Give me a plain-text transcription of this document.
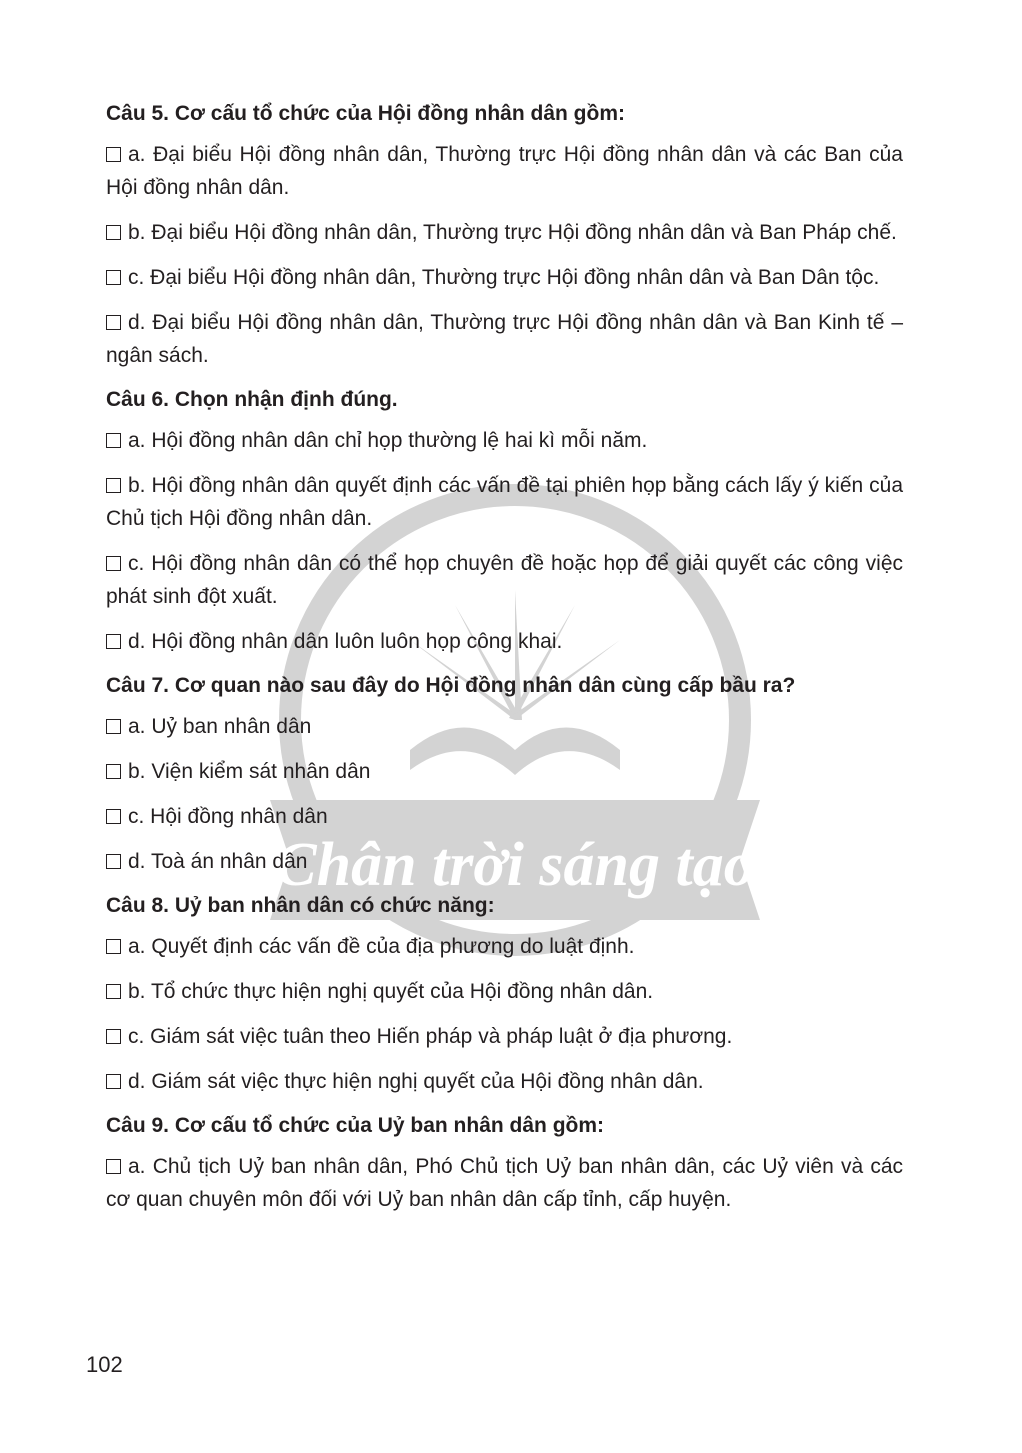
Chân trời sáng tạo

Câu 5. Cơ cấu tổ chức của Hội đồng nhân dân gồm:

a. Đại biểu Hội đồng nhân dân, Thường trực Hội đồng nhân dân và các Ban của Hội đồng nhân dân.

b. Đại biểu Hội đồng nhân dân, Thường trực Hội đồng nhân dân và Ban Pháp chế.

c. Đại biểu Hội đồng nhân dân, Thường trực Hội đồng nhân dân và Ban Dân tộc.

d. Đại biểu Hội đồng nhân dân, Thường trực Hội đồng nhân dân và Ban Kinh tế – ngân sách.

Câu 6. Chọn nhận định đúng.

a. Hội đồng nhân dân chỉ họp thường lệ hai kì mỗi năm.

b. Hội đồng nhân dân quyết định các vấn đề tại phiên họp bằng cách lấy ý kiến của Chủ tịch Hội đồng nhân dân.

c. Hội đồng nhân dân có thể họp chuyên đề hoặc họp để giải quyết các công việc phát sinh đột xuất.

d. Hội đồng nhân dân luôn luôn họp công khai.

Câu 7. Cơ quan nào sau đây do Hội đồng nhân dân cùng cấp bầu ra?

a. Uỷ ban nhân dân

b. Viện kiểm sát nhân dân

c. Hội đồng nhân dân

d. Toà án nhân dân

Câu 8. Uỷ ban nhân dân có chức năng:

a. Quyết định các vấn đề của địa phương do luật định.

b. Tổ chức thực hiện nghị quyết của Hội đồng nhân dân.

c. Giám sát việc tuân theo Hiến pháp và pháp luật ở địa phương.

d. Giám sát việc thực hiện nghị quyết của Hội đồng nhân dân.

Câu 9. Cơ cấu tổ chức của Uỷ ban nhân dân gồm:

a. Chủ tịch Uỷ ban nhân dân, Phó Chủ tịch Uỷ ban nhân dân, các Uỷ viên và các cơ quan chuyên môn đối với Uỷ ban nhân dân cấp tỉnh, cấp huyện.

102
